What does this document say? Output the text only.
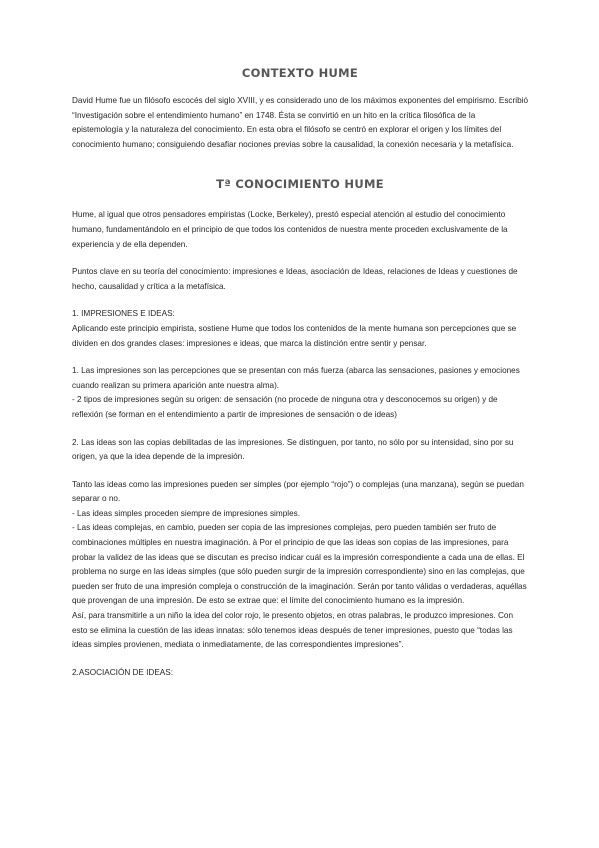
CONTEXTO HUME

David Hume fue un filósofo escocés del siglo XVIII, y es considerado uno de los máximos exponentes del empirismo. Escribió “Investigación sobre el entendimiento humano” en 1748. Ésta se convirtió en un hito en la crítica filosófica de la epistemología y la naturaleza del conocimiento. En esta obra el filósofo se centró en explorar el origen y los límites del conocimiento humano; consiguiendo desafiar nociones previas sobre la causalidad, la conexión necesaria y la metafísica.

Tª CONOCIMIENTO HUME

Hume, al igual que otros pensadores empiristas (Locke, Berkeley), prestó especial atención al estudio del conocimiento humano, fundamentándolo en el principio de que todos los contenidos de nuestra mente proceden exclusivamente de la experiencia y de ella dependen.

Puntos clave en su teoría del conocimiento: impresiones e Ideas, asociación de Ideas, relaciones de Ideas y cuestiones de hecho, causalidad y crítica a la metafísica.

1. IMPRESIONES E IDEAS:

Aplicando este principio empirista, sostiene Hume que todos los contenidos de la mente humana son percepciones que se dividen en dos grandes clases: impresiones e ideas, que marca la distinción entre sentir y pensar.

1. Las impresiones son las percepciones que se presentan con más fuerza (abarca las sensaciones, pasiones y emociones cuando realizan su primera aparición ante nuestra alma).

- 2 tipos de impresiones según su origen: de sensación (no procede de ninguna otra y desconocemos su origen) y de reflexión (se forman en el entendimiento a partir de impresiones de sensación o de ideas)

2. Las ideas son las copias debilitadas de las impresiones. Se distinguen, por tanto, no sólo por su intensidad, sino por su origen, ya que la idea depende de la impresión.

Tanto las ideas como las impresiones pueden ser simples (por ejemplo “rojo”) o complejas (una manzana), según se puedan separar o no.

- Las ideas simples proceden siempre de impresiones simples.

- Las ideas complejas, en cambio, pueden ser copia de las impresiones complejas, pero pueden también ser fruto de combinaciones múltiples en nuestra imaginación. à Por el principio de que las ideas son copias de las impresiones, para probar la validez de las ideas que se discutan es preciso indicar cuál es la impresión correspondiente a cada una de ellas. El problema no surge en las ideas simples (que sólo pueden surgir de la impresión correspondiente) sino en las complejas, que pueden ser fruto de una impresión compleja o construcción de la imaginación. Serán por tanto válidas o verdaderas, aquéllas que provengan de una impresión. De esto se extrae que: el límite del conocimiento humano es la impresión.

Así, para transmitirle a un niño la idea del color rojo, le presento objetos, en otras palabras, le produzco impresiones. Con esto se elimina la cuestión de las ideas innatas: sólo tenemos ideas después de tener impresiones, puesto que “todas las ideas simples provienen, mediata o inmediatamente, de las correspondientes impresiones”.

2.ASOCIACIÓN DE IDEAS:
